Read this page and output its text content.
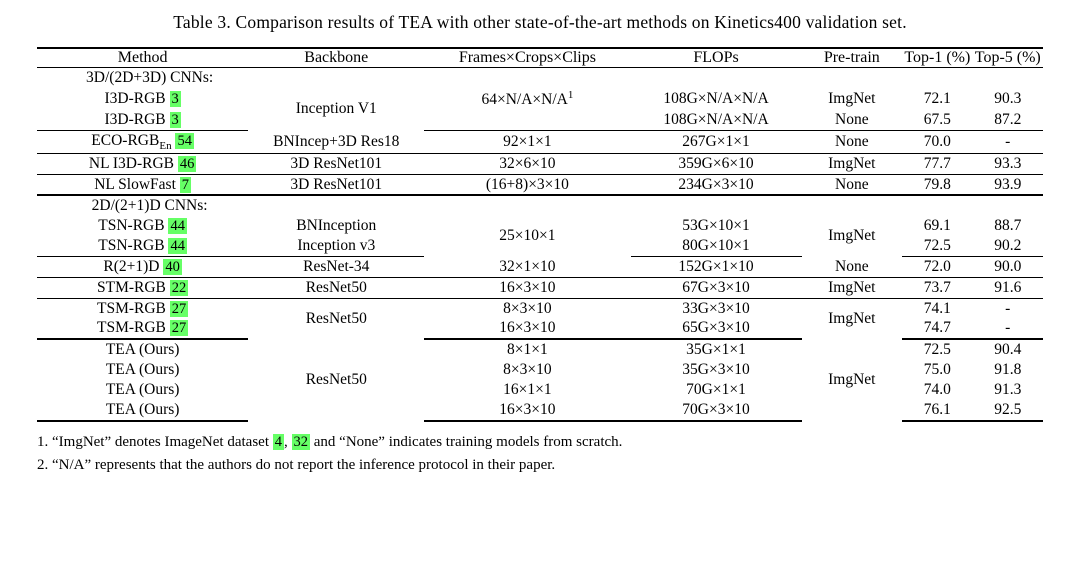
Table 3. Comparison results of TEA with other state-of-the-art methods on Kinetics400 validation set.
Method	Backbone	Frames×Crops×Clips	FLOPs	Pre-train	Top-1 (%)	Top-5 (%)
3D/(2D+3D) CNNs:						
I3D-RGB 3	Inception V1	$64\times N/A\times N/A^1$	108G×N/A×N/A	ImgNet	72.1	90.3
I3D-RGB 3			108G×N/A×N/A	None	67.5	87.2
ECO-$RGB_{En}$ 54	BNIncep+3D Res18	92×1×1	267G×1×1	None	70.0	-
NL I3D-RGB 46	3D ResNet101	32×6×10	359G×6×10	ImgNet	77.7	93.3
NL SlowFast 7	3D ResNet101	(16+8)×3×10	234G×3×10	None	79.8	93.9
2D/(2+1)D CNNs:						
TSN-RGB 44	BNInception	25×10×1	53G×10×1	ImgNet	69.1	88.7
TSN-RGB 44	Inception v3		80G×10×1		72.5	90.2
R(2+1)D 40	ResNet-34	32×1×10	152G×1×10	None	72.0	90.0
STM-RGB 22	ResNet50	16×3×10	67G×3×10	ImgNet	73.7	91.6
TSM-RGB 27	ResNet50	8×3×10	33G×3×10	ImgNet	74.1	-
TSM-RGB 27		16×3×10	65G×3×10		74.7	-
TEA (Ours)	ResNet50	8×1×1	35G×1×1	ImgNet	72.5	90.4
TEA (Ours)		8×3×10	35G×3×10		75.0	91.8
TEA (Ours)		16×1×1	70G×1×1		74.0	91.3
TEA (Ours)		16×3×10	70G×3×10		76.1	92.5
1. “ImgNet” denotes ImageNet dataset 4 , 32 and “None” indicates training models from scratch.
2. “N/A” represents that the authors do not report the inference protocol in their paper.
